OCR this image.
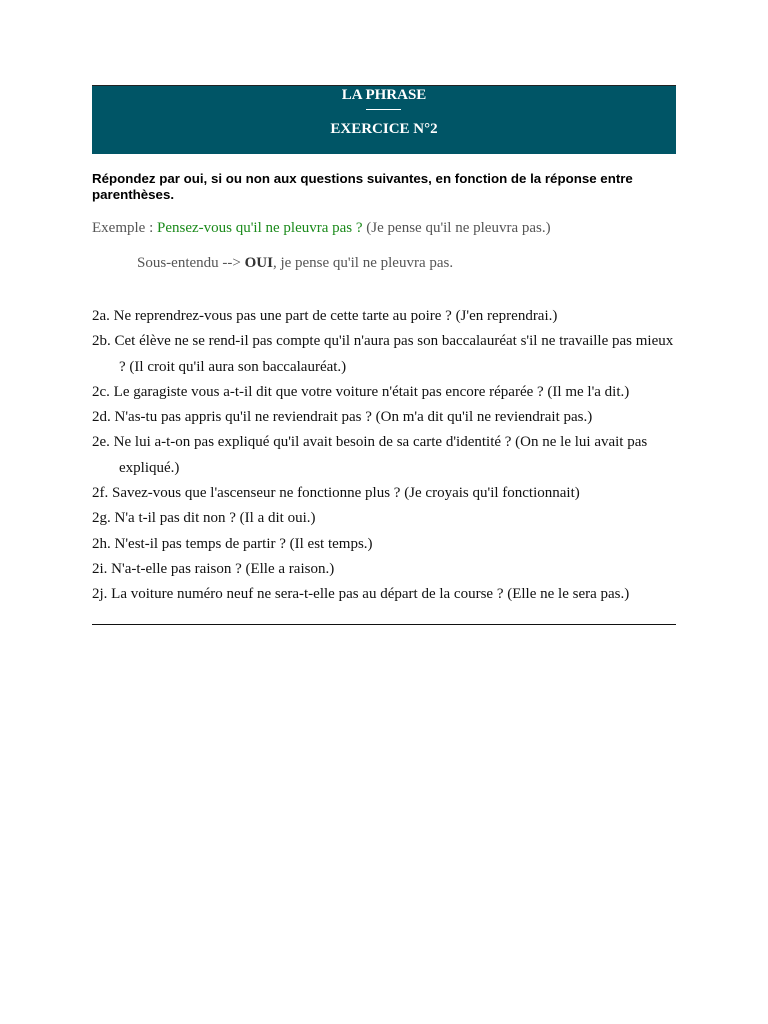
LA PHRASE
EXERCICE N°2
Répondez par oui, si ou non aux questions suivantes, en fonction de la réponse entre parenthèses.
Exemple : Pensez-vous qu'il ne pleuvra pas ? (Je pense qu'il ne pleuvra pas.)
Sous-entendu --> OUI, je pense qu'il ne pleuvra pas.
2a. Ne reprendrez-vous pas une part de cette tarte au poire ? (J'en reprendrai.)
2b. Cet élève ne se rend-il pas compte qu'il n'aura pas son baccalauréat s'il ne travaille pas mieux ? (Il croit qu'il aura son baccalauréat.)
2c. Le garagiste vous a-t-il dit que votre voiture n'était pas encore réparée ? (Il me l'a dit.)
2d. N'as-tu pas appris qu'il ne reviendrait pas ? (On m'a dit qu'il ne reviendrait pas.)
2e. Ne lui a-t-on pas expliqué qu'il avait besoin de sa carte d'identité ? (On ne le lui avait pas expliqué.)
2f. Savez-vous que l'ascenseur ne fonctionne plus ? (Je croyais qu'il fonctionnait)
2g. N'a t-il pas dit non ? (Il a dit oui.)
2h. N'est-il pas temps de partir ? (Il est temps.)
2i. N'a-t-elle pas raison ? (Elle a raison.)
2j. La voiture numéro neuf ne sera-t-elle pas au départ de la course ? (Elle ne le sera pas.)
